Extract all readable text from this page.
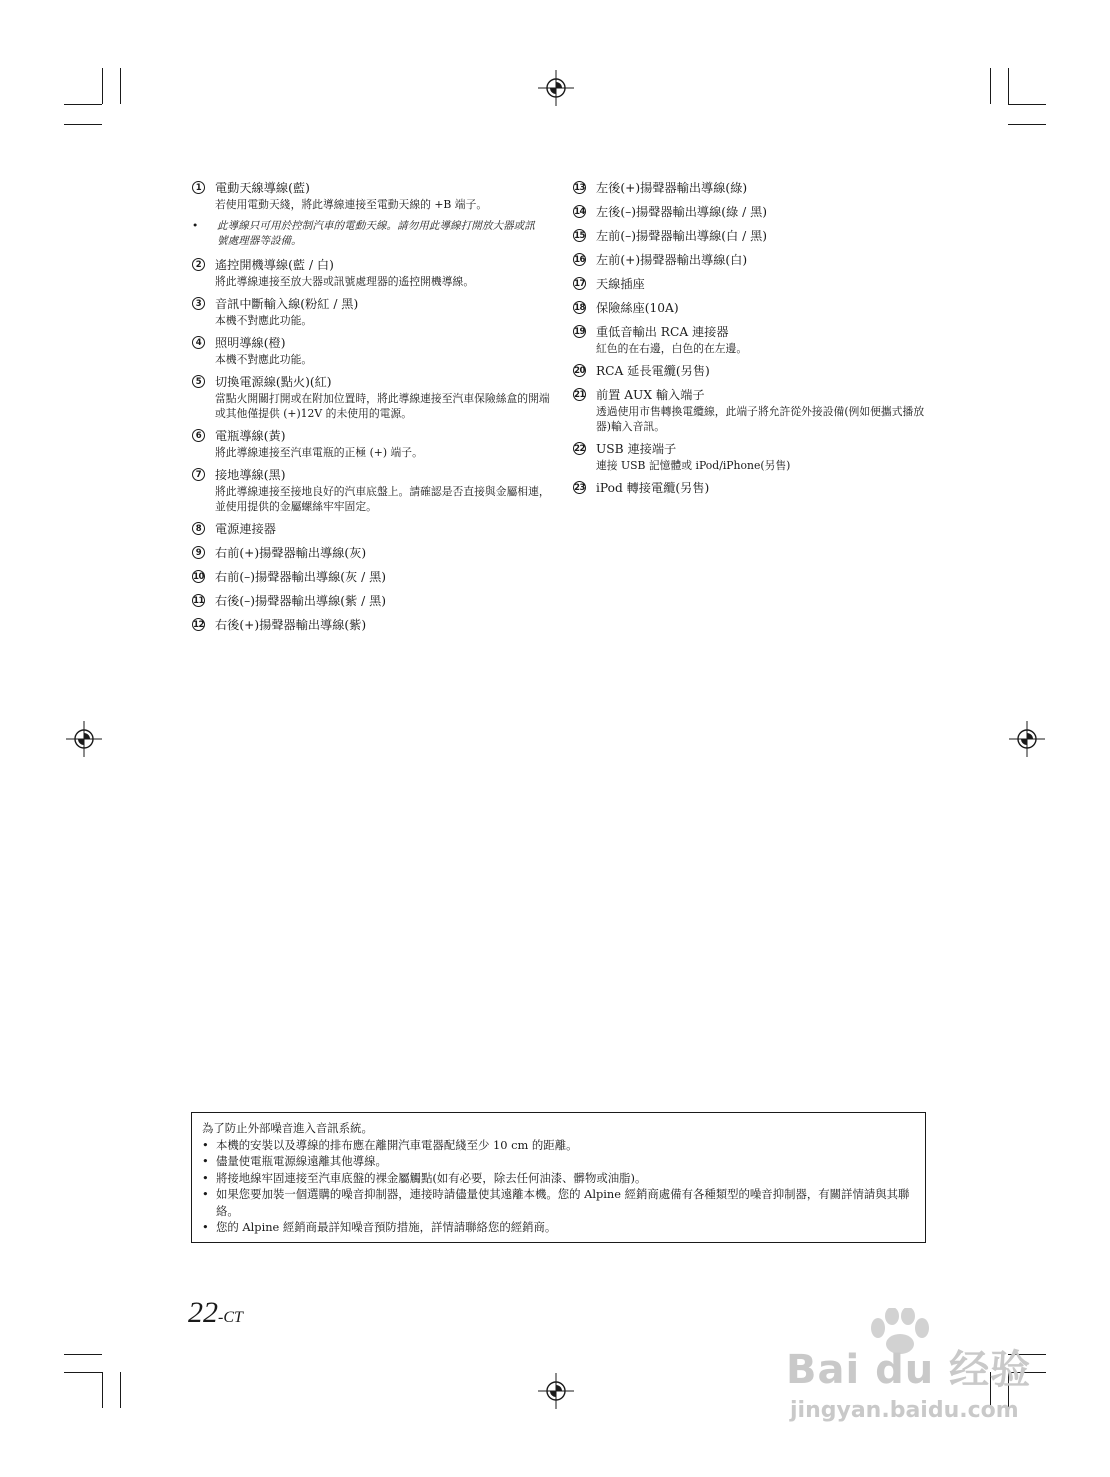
1	電動天線導線(藍)
若使用電動天綫，將此導線連接至電動天線的 +B 端子。
•	此導線只可用於控制汽車的電動天線。請勿用此導線打開放大器或訊號處理器等設備。
2	遙控開機導線(藍 / 白)
將此導線連接至放大器或訊號處理器的遙控開機導線。
3	音訊中斷輸入線(粉紅 / 黑)
本機不對應此功能。
4	照明導線(橙)
本機不對應此功能。
5	切換電源線(點火)(紅)
當點火開關打開或在附加位置時，將此導線連接至汽車保險絲盒的開端或其他僅提供 (+)12V 的未使用的電源。
6	電瓶導線(黃)
將此導線連接至汽車電瓶的正極 (+) 端子。
7	接地導線(黑)
將此導線連接至接地良好的汽車底盤上。請確認是否直接與金屬相連，並使用提供的金屬螺絲牢牢固定。
8	電源連接器
9	右前(+)揚聲器輸出導線(灰)
10 右前(–)揚聲器輸出導線(灰 / 黑)
11 右後(–)揚聲器輸出導線(紫 / 黑)
12 右後(+)揚聲器輸出導線(紫)
13 左後(+)揚聲器輸出導線(綠)
14 左後(–)揚聲器輸出導線(綠 / 黑)
15 左前(–)揚聲器輸出導線(白 / 黑)
16 左前(+)揚聲器輸出導線(白)
17 天線插座
18 保險絲座(10A)
19 重低音輸出 RCA 連接器
紅色的在右邊，白色的在左邊。
20 RCA 延長電纜(另售)
21 前置 AUX 輸入端子
透過使用市售轉換電纜線，此端子將允許從外接設備(例如便攜式播放器)輸入音訊。
22 USB 連接端子
連接 USB 記憶體或 iPod/iPhone(另售)
23 iPod 轉接電纜(另售)
為了防止外部噪音進入音訊系統。
• 本機的安裝以及導線的排布應在離開汽車電器配綫至少 10 cm 的距離。
• 儘量使電瓶電源線遠離其他導線。
• 將接地線牢固連接至汽車底盤的裸金屬觸點(如有必要，除去任何油漆、髒物或油脂)。
• 如果您要加裝一個選購的噪音抑制器，連接時請儘量使其遠離本機。您的 Alpine 經銷商處備有各種類型的噪音抑制器，有關詳情請與其聯絡。
• 您的 Alpine 經銷商最詳知噪音預防措施，詳情請聯絡您的經銷商。
22-CT
Bai du 经验
jingyan.baidu.com
